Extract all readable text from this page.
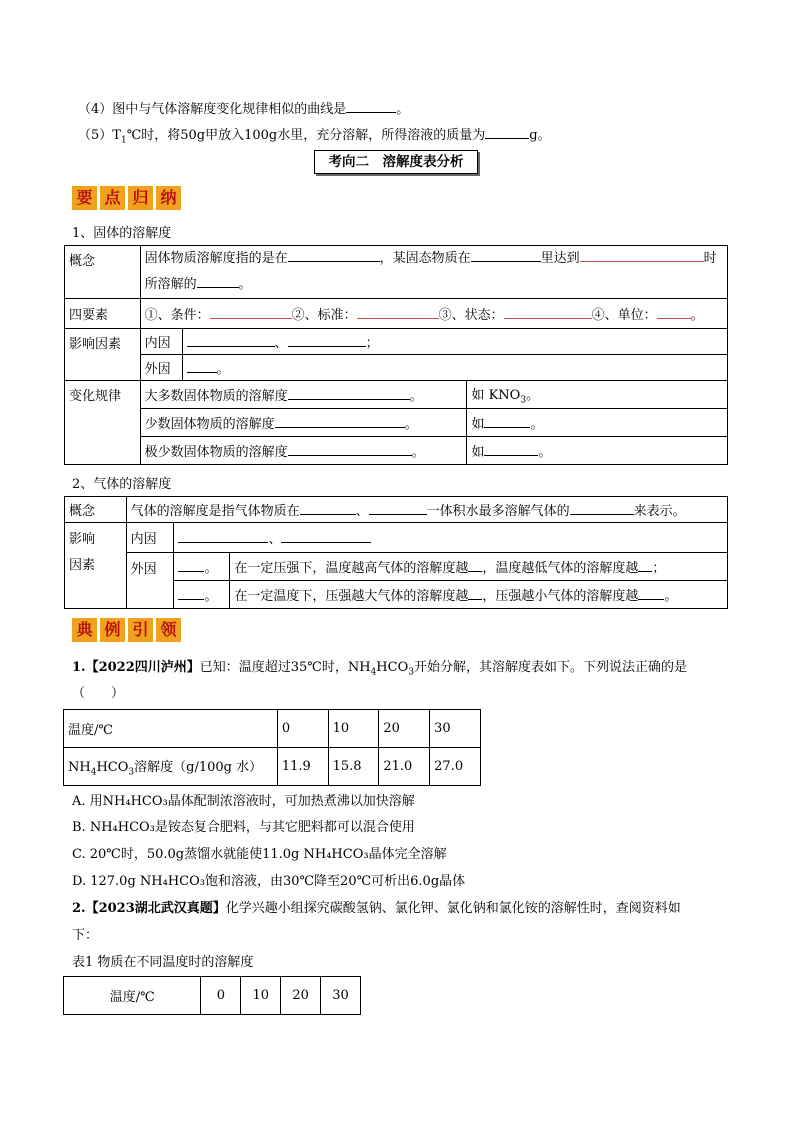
（4）图中与气体溶解度变化规律相似的曲线是	。
$(5)T_1℃$时，将50g甲放入100g水里，充分溶解，所得溶液的质量为	g。
考向二　溶解度表分析
要 点 归 纳
1、固体的溶解度
概念	固体物质溶解度指的是在 ，某固态物质在 里达到 时
所溶解的 。		
四要素	①、条件： ②、标准： ③、状态： ④、单位： 。		
影响因素	内因	、 ；	
	外因	。	
变化规律	大多数固体物质的溶解度 。		如 $KNO_3$。
	少数固体物质的溶解度 。		如 。
	极少数固体物质的溶解度 。		如 。
2、气体的溶解度
概念	气体的溶解度是指气体物质在 、 一体积水最多溶解气体的 来表示。		
影响
因素	内因	、	
	外因	。	在一定压强下，温度越高气体的溶解度越 ，温度越低气体的溶解度越 ；
		。	在一定温度下，压强越大气体的溶解度越 ，压强越小气体的溶解度越 。
典 例 引 领
1.【2022四川泸州】已知：温度超过35℃时，$NH_4HCO_3$开始分解，其溶解度表如下。下列说法正确的是
（　　）
温度/℃	0	10	20	30
$NH_4HCO_3$溶解度（g/100g 水）	11.9	15.8	21.0	27.0
A. 用NH₄HCO₃晶体配制浓溶液时，可加热煮沸以加快溶解
B. NH₄HCO₃是铵态复合肥料，与其它肥料都可以混合使用
C. 20℃时，50.0g蒸馏水就能使11.0g NH₄HCO₃晶体完全溶解
D. 127.0g NH₄HCO₃饱和溶液，由30℃降至20℃可析出6.0g晶体
2.【2023湖北武汉真题】化学兴趣小组探究碳酸氢钠、氯化钾、氯化钠和氯化铵的溶解性时，查阅资料如
下：
表1 物质在不同温度时的溶解度
温度/℃	0	10	20	30
